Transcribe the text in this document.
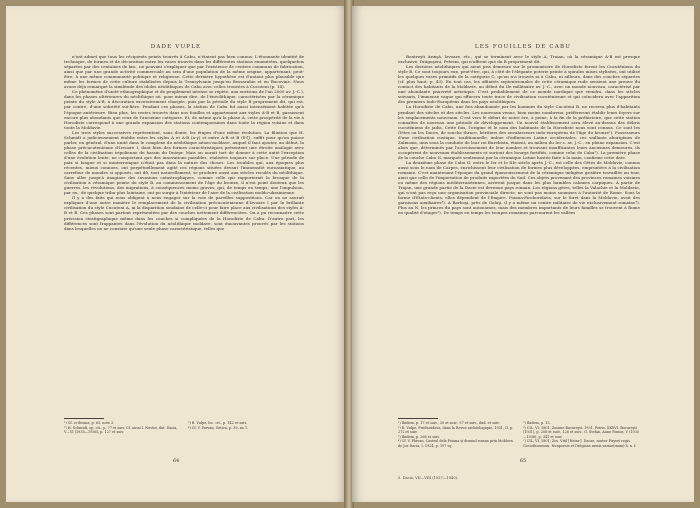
DADE VUPLE

n'ont admet que tous les récipients peints trouvés à Cabu, n'étaient pas bien connus. L'étonnante identité de technique, de formes et de décoration entre les vases trouvés dans les différentes stations enumérées, quelquefois séparées par des centaines de km., ne pouvant s'expliquer que par l'existence de centres communs de fabrication, ainsi que par une grande activité commerciale au sein d'une population de la même origine, appartenant, peut-être, à une même communauté politique et religieuse. Cette dernière hypothèse est d'autant plus plausible que même les formes de cette culture stabilisées depuis la Transylvanie jusqu'en Bessarabie et en Bucovine. Nous avons déjà remarqué la similitude des idoles néolithiques de Cabu avec celles trouvées à Cucuteni (p. 14).

Ce phénomène d'unité ethnographique et de peuplement intense se répète, aux environs de l'an 2000 av. J.-C.), dans les phases ultérieures du néolithique où, pour mieux dire, de l'énéolithique, caractérisées par la céramique peinte du style A-B, à décoration excessivement chargée, puis par la période du style B proprement dit, qui est, par contre, d'une sobriété sui-fière. Pendant ces phases, la station de Cabu fut aussi intensément habitée qu'à l'époque antérieure. Bien plus, les restes trouvés dans nos fouilles et appartenant aux styles A-B et B, paraissent encore plus abondants que ceux de l'ancienne catégorie. Et, de même qu'à la phase A, cette prospérité de la vie à Horodiste correspond à une grande expansion des stations contemporaines dans toute la région voisine et dans toute la Moldavie.

Les trois styles successives représentent, sans doute, les étapes d'une même évolution. La filiation que H. Schmidt a judicieusement établie entre les styles A et A-B (a-γ) et entre A-B et B (δ-ζ), suffit pour qu'on puisse parler, en général, d'une unité dans le complexe du néolithique aéneo-moldave, auquel il faut ajouter, au début, la phase précucutenienne d'Izvoare I, dont bien des formes caractéristiques présentent une étroite analogie avec celles de la civilisation tripolienne du bassin du Dniepr. Mais on aurait tort de donner à cette unité l'exception d'une évolution lente, ne comportant que des innovations paisibles, réalisées toujours sur place. Une période de paix si longue et si ininterrompue n'était pas dans la nature des choses. Les troubles qui, aux époques plus récentes, mieux connues, ont perpétuellement agité ces régions situées devant l'immensité euroasiatique, au carrefour de mondes si opposés, ont dû, tout naturellement, se produire aussi aux siècles reculés du néolithique. Sans aller jusqu'à imaginer des invasions catastrophiques, comme celle qui rapporterait la brusque de la civilisation à céramique peinte du style B, au commencement de l'âge du bronze, il n'est point douteux que les guerres, les révolutions, des migrations, à conséquences moins graves, qui, de temps en temps, une l'impulsion, par ex., de quelque tribu plus lointaine, ont pu surgir à l'intérieur de l'aire de la civilisation moldo-ukrainienne.

Il y a des faits qui nous obligent à nous engager sur la voie de pareilles suppositions. Car on ne saurait expliquer d'une autre manière le remplacement de la civilisation précucutenienne d'Izvoare I par la brillante civilisation du style Cucuteni A, ni la disparition soudaine de celle-ci pour faire place aux civilisations des styles A-B et B. Ces phases sont partout représentées par des couches nettement différenciées. On a pu reconnaitre cette précision stratigraphique même dans les couches si compliquées de la Horodiste de Cabu. D'autre part, les différences sont frappantes dans l'évolution du néolithique moldave, sont émouvantes prouvés par les stations dans lesquelles on ne constate qu'une seule phase caractéristique, telles que

¹) Cf. ci-dessus, p. 63, note 3.
²) H. Schmidt, op. cit., p. 77 et suiv. Cf. aussi I. Nestor, dat. Dacia, V—VI (1935—1936), p. 127 et suiv.
³) R. Vulpe, loc. cit., p. 142 et suiv.
⁴) Cf. V. Parvan, Getica, p. 39, no 1.
64
LES FOUILLES DE CABU

Bontreşti Arinşă, Izvoare, etc., qui se terminent avec le style A, Traian, où la céramique A-B est presque exclusive, Drăguşeni, Petreni, qui n'offrent que du B proprement dit.

Les derniers néolithiques qui aient pris demeure sur le promontoire de Horodiste furent les Cucuténiens du style B. Ce sont toujours eux, peut-être, qui, à côté de l'élégante poterie peinte à spirales mises stylisées, ont utilisé les quelques vases primitifs de la catégorie C, qu'on n'a trouvés ni à Cabu, ni ailleurs, dans des couches séparées (cf. plus haut, p. 43). En tout cas, les affinités septentrionales de cette céramique rude seraient une preuve du contact des habitants de la Moldavie, au début du IIe millénaire av. J.-C., avec un monde nouveau, caractérisé par une abondante pauvreté artistique. C'est probablement de ce monde nordique que viendra, dans les siècles suivants, l'immense vague qui effacera toute trace de civilisation cucuténienne et qui coïncidera avec l'apparition des premiers Indo-Européens dans les pays néolithiques.

La Horodiste de Cabu, une fois abandonnée par les hommes du style Cucuteni B, ne recevra plus d'habitants pendant des siècles et des siècles. Les nouveaux venus, bien moins nombreux, préféreront établir leurs foyers sur les emplacements nouveaux. C'est vers le début de notre ère, à peine, à la fin de la préhistoire, que cette station connaîtra de nouveau une période de développement. Un nouvel établissement sera élevé au-dessus des débris cucuténiens de jadis. Cette fois, l'origine et le nom des habitants de la Horodiste nous sont connus. Ce sont les Gètes ou les Daces, de souche thrace, héritiers des envahisseurs indo-européens de l'âge du bronze¹). Possesseurs d'une civilisation rustique, traditionnelle, imbue d'influences Latine occidentales, ces vaillants aborigènes de Zalmoxis, unis sous la conduite de leur roi Burebista, étaient, au milieu du Ier s. av. J.-C., en pleine expansion. C'est alors que, déterminés par l'accroissement de leur nombre et trouvant insuffisantes leurs anciennes demeures, ils occupèrent de nouveaux établissements et surtout des bourgs fortifiés, comme celui de Cabu²). La première phase de la couche Cabu II, marquée seulement par la céramique Latine hastée faite à la main, confirme cette date.

La deuxième phase de Cabu II, entre le Ier et le IIIe siècle après J.-C., est celle des Gètes de Moldavie, connus aussi sous le nom de Carpes, enrichissent leur civilisation de formes plus développées, empruntées à la civilisation romaine. C'est maintenant l'époque du grand épanouissement de la céramique indigène grisâtre travaillée au tour, ainsi que celle de l'importation de produits exportées du Sud. Ces objets provenant des provinces romaines voisines ou même des régions méditerranéennes, arrivent jusque dans les plus humbles cabanes carpiques. À partir de Trajan, une grande partie de la Dacie est devenue pays romain. Les régions gètes, telles la Valachie et la Moldavie, qui n'ont pas reçu une organisation provinciale directe, ne sont pas moins soumises à l'autorité de Rome. Sous la forme d'Etats-clients, elles dépendent de l'Empire. Poiana-Piroboridava, sur le Siret dans la Moldavie, avait des garnisons auxiliaires³). A Barboşi, près de Galaţi, il y a même un centre militaire de vie exclusivement romaine⁴). Plus au N. les princes du pays sont autonomes, mais des membres importants de leurs familles se trouvent à Rome en qualité d'otages⁵). De temps en temps les troupes romaines parcourent les vallées

¹) Ibidem, p. 17 et suiv., 30 et suiv., 57 et suiv., ibid. et suiv.
²) R. Vulpe, Piroboridava, dans la Revue archéologique, 1931, II, p. 272 et suiv.
³) Ibidem, p. 268 et suiv.
⁴) Cf. V. Pârvan, Castrul dela Poiana și drumul roman prin Moldova de Jos Dacia, I, 1924, p. 197 sq.
⁵) Ibidem, p. 13.
⁶) CIL, VI, 1801; Zosime Bucureşti, 1931, Petris, XXXVI, Bucureşti (1931), p. 206 et suiv., 126 et suiv., G. Stefan, Anne Pomos, V (1935—1936), p. 341 et suiv.
⁷) CIL, VI, 1801; Zos. Vitil [Heinr.]. Dacae, noster Piryori regis Gociothonensis. Nunpoesis et Drégions armis variae(inum) h. n. f.
65
5. Dacia, VII—VIII (1937—1940).
